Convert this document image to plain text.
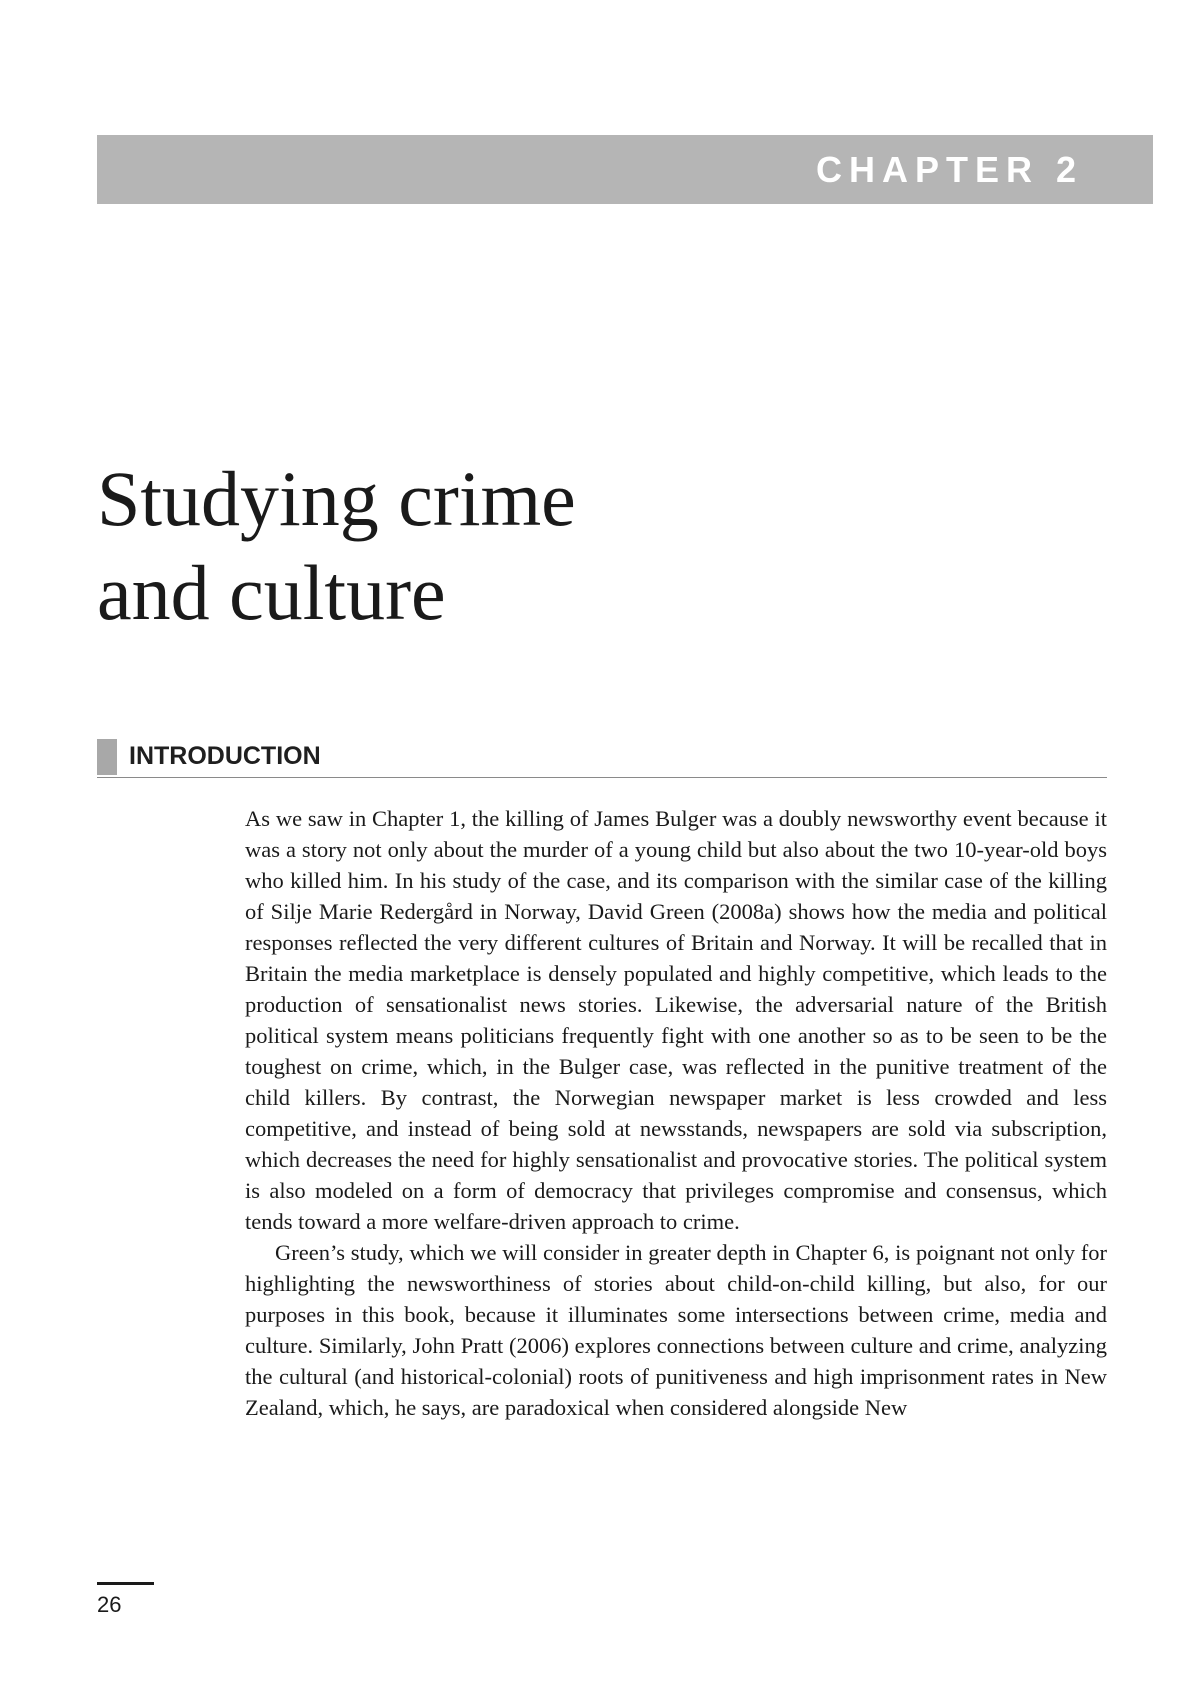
CHAPTER 2
Studying crime
and culture
INTRODUCTION

As we saw in Chapter 1, the killing of James Bulger was a doubly newsworthy event because it was a story not only about the murder of a young child but also about the two 10-year-old boys who killed him. In his study of the case, and its comparison with the similar case of the killing of Silje Marie Redergård in Norway, David Green (2008a) shows how the media and political responses reflected the very different cultures of Britain and Norway. It will be recalled that in Britain the media marketplace is densely populated and highly competitive, which leads to the production of sensationalist news stories. Likewise, the adversarial nature of the British political system means politicians frequently fight with one another so as to be seen to be the toughest on crime, which, in the Bulger case, was reflected in the punitive treatment of the child killers. By contrast, the Norwegian newspaper market is less crowded and less competitive, and instead of being sold at newsstands, newspapers are sold via subscription, which decreases the need for highly sensationalist and provocative stories. The political system is also modeled on a form of democracy that privileges compromise and consensus, which tends toward a more welfare-driven approach to crime.

Green’s study, which we will consider in greater depth in Chapter 6, is poignant not only for highlighting the newsworthiness of stories about child-on-child killing, but also, for our purposes in this book, because it illuminates some intersections between crime, media and culture. Similarly, John Pratt (2006) explores connections between culture and crime, analyzing the cultural (and historical-colonial) roots of punitiveness and high imprisonment rates in New Zealand, which, he says, are paradoxical when considered alongside New

26
